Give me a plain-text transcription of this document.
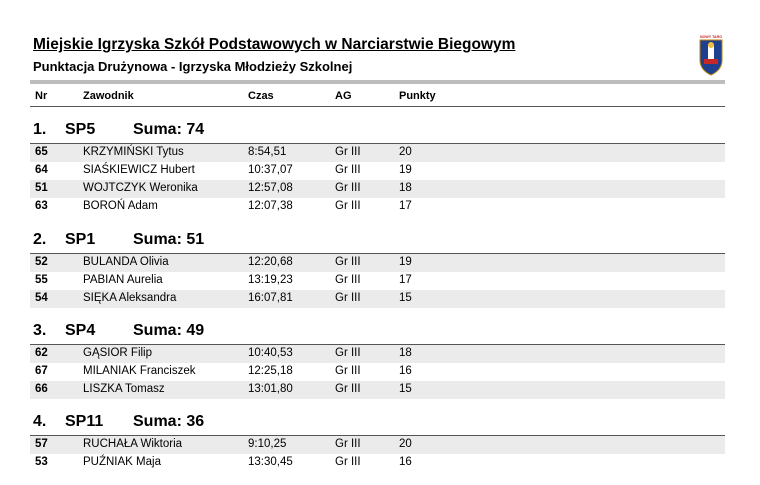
Miejskie Igrzyska Szkół Podstawowych w Narciarstwie Biegowym
Punktacja Drużynowa - Igrzyska Młodzieży Szkolnej
NOWY TARG
Nr	Zawodnik	Czas	AG	Punkty
1. SP5 Suma: 74
65	KRZYMIŃSKI Tytus	8:54,51	Gr III	20
64	SIAŚKIEWICZ Hubert	10:37,07	Gr III	19
51	WOJTCZYK Weronika	12:57,08	Gr III	18
63	BOROŃ Adam	12:07,38	Gr III	17
2. SP1 Suma: 51
52	BULANDA Olivia	12:20,68	Gr III	19
55	PABIAN Aurelia	13:19,23	Gr III	17
54	SIĘKA Aleksandra	16:07,81	Gr III	15
3. SP4 Suma: 49
62	GĄSIOR Filip	10:40,53	Gr III	18
67	MILANIAK Franciszek	12:25,18	Gr III	16
66	LISZKA Tomasz	13:01,80	Gr III	15
4. SP11 Suma: 36
57	RUCHAŁA Wiktoria	9:10,25	Gr III	20
53	PUŹNIAK Maja	13:30,45	Gr III	16
